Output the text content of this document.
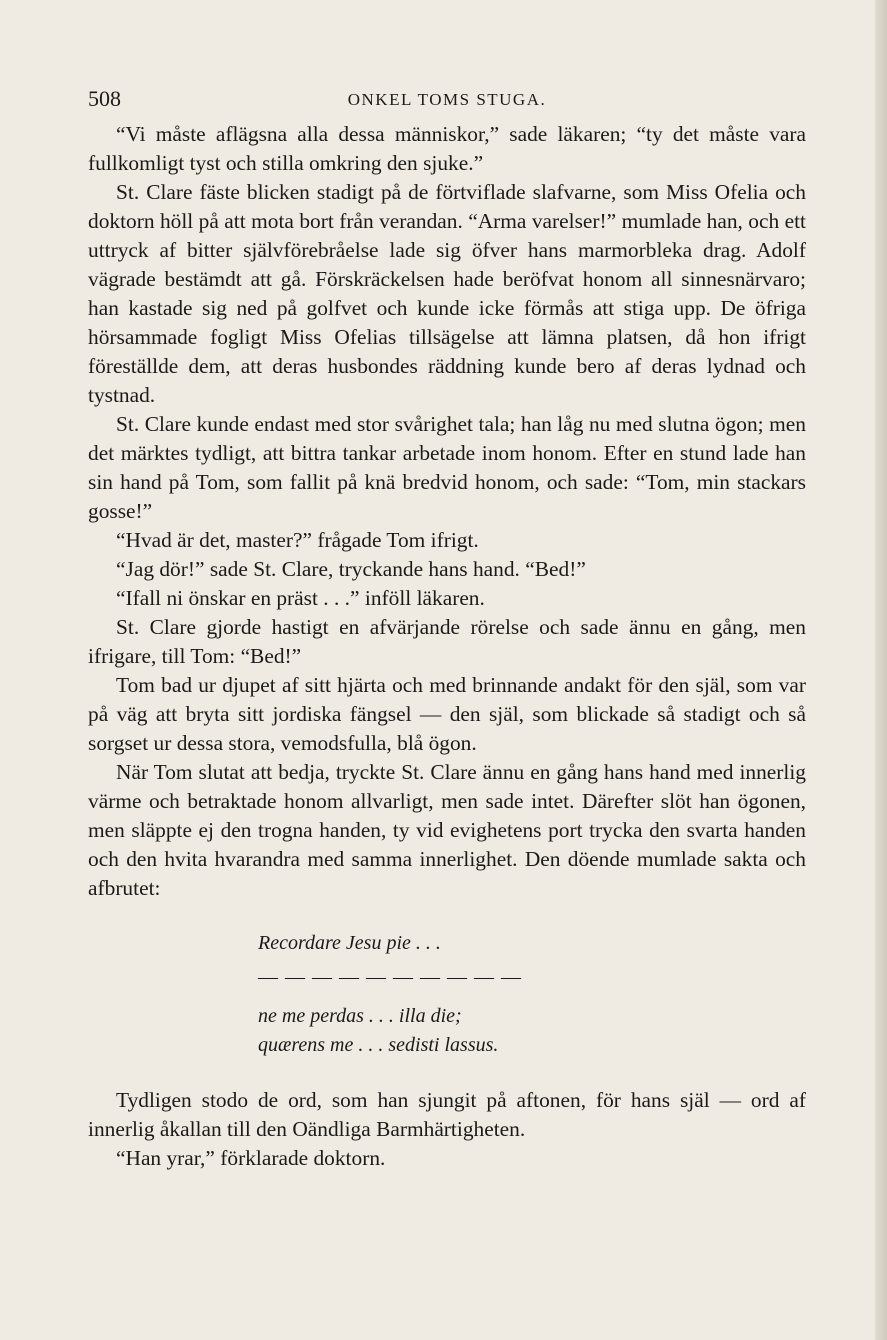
508	ONKEL TOMS STUGA.

“Vi måste aflägsna alla dessa människor,” sade läkaren; “ty det måste vara fullkomligt tyst och stilla omkring den sjuke.”

St. Clare fäste blicken stadigt på de förtviflade slafvarne, som Miss Ofelia och doktorn höll på att mota bort från verandan. “Arma varelser!” mumlade han, och ett uttryck af bitter självförebråelse lade sig öfver hans marmorbleka drag. Adolf vägrade bestämdt att gå. Förskräckelsen hade beröfvat honom all sinnesnärvaro; han kastade sig ned på golfvet och kunde icke förmås att stiga upp. De öfriga hörsammade fogligt Miss Ofelias tillsägelse att lämna platsen, då hon ifrigt föreställde dem, att deras husbondes räddning kunde bero af deras lydnad och tystnad.

St. Clare kunde endast med stor svårighet tala; han låg nu med slutna ögon; men det märktes tydligt, att bittra tankar arbetade inom honom. Efter en stund lade han sin hand på Tom, som fallit på knä bredvid honom, och sade: “Tom, min stackars gosse!”

“Hvad är det, master?” frågade Tom ifrigt.

“Jag dör!” sade St. Clare, tryckande hans hand. “Bed!”

“Ifall ni önskar en präst . . .” inföll läkaren.

St. Clare gjorde hastigt en afvärjande rörelse och sade ännu en gång, men ifrigare, till Tom: “Bed!”

Tom bad ur djupet af sitt hjärta och med brinnande andakt för den själ, som var på väg att bryta sitt jordiska fängsel — den själ, som blickade så stadigt och så sorgset ur dessa stora, vemodsfulla, blå ögon.

När Tom slutat att bedja, tryckte St. Clare ännu en gång hans hand med innerlig värme och betraktade honom allvarligt, men sade intet. Därefter slöt han ögonen, men släppte ej den trogna handen, ty vid evighetens port trycka den svarta handen och den hvita hvarandra med samma innerlighet. Den döende mumlade sakta och afbrutet:

Recordare Jesu pie . . .
— — — — — — — — — —
ne me perdas . . . illa die;
quærens me . . . sedisti lassus.

Tydligen stodo de ord, som han sjungit på aftonen, för hans själ — ord af innerlig åkallan till den Oändliga Barmhärtigheten.

“Han yrar,” förklarade doktorn.
